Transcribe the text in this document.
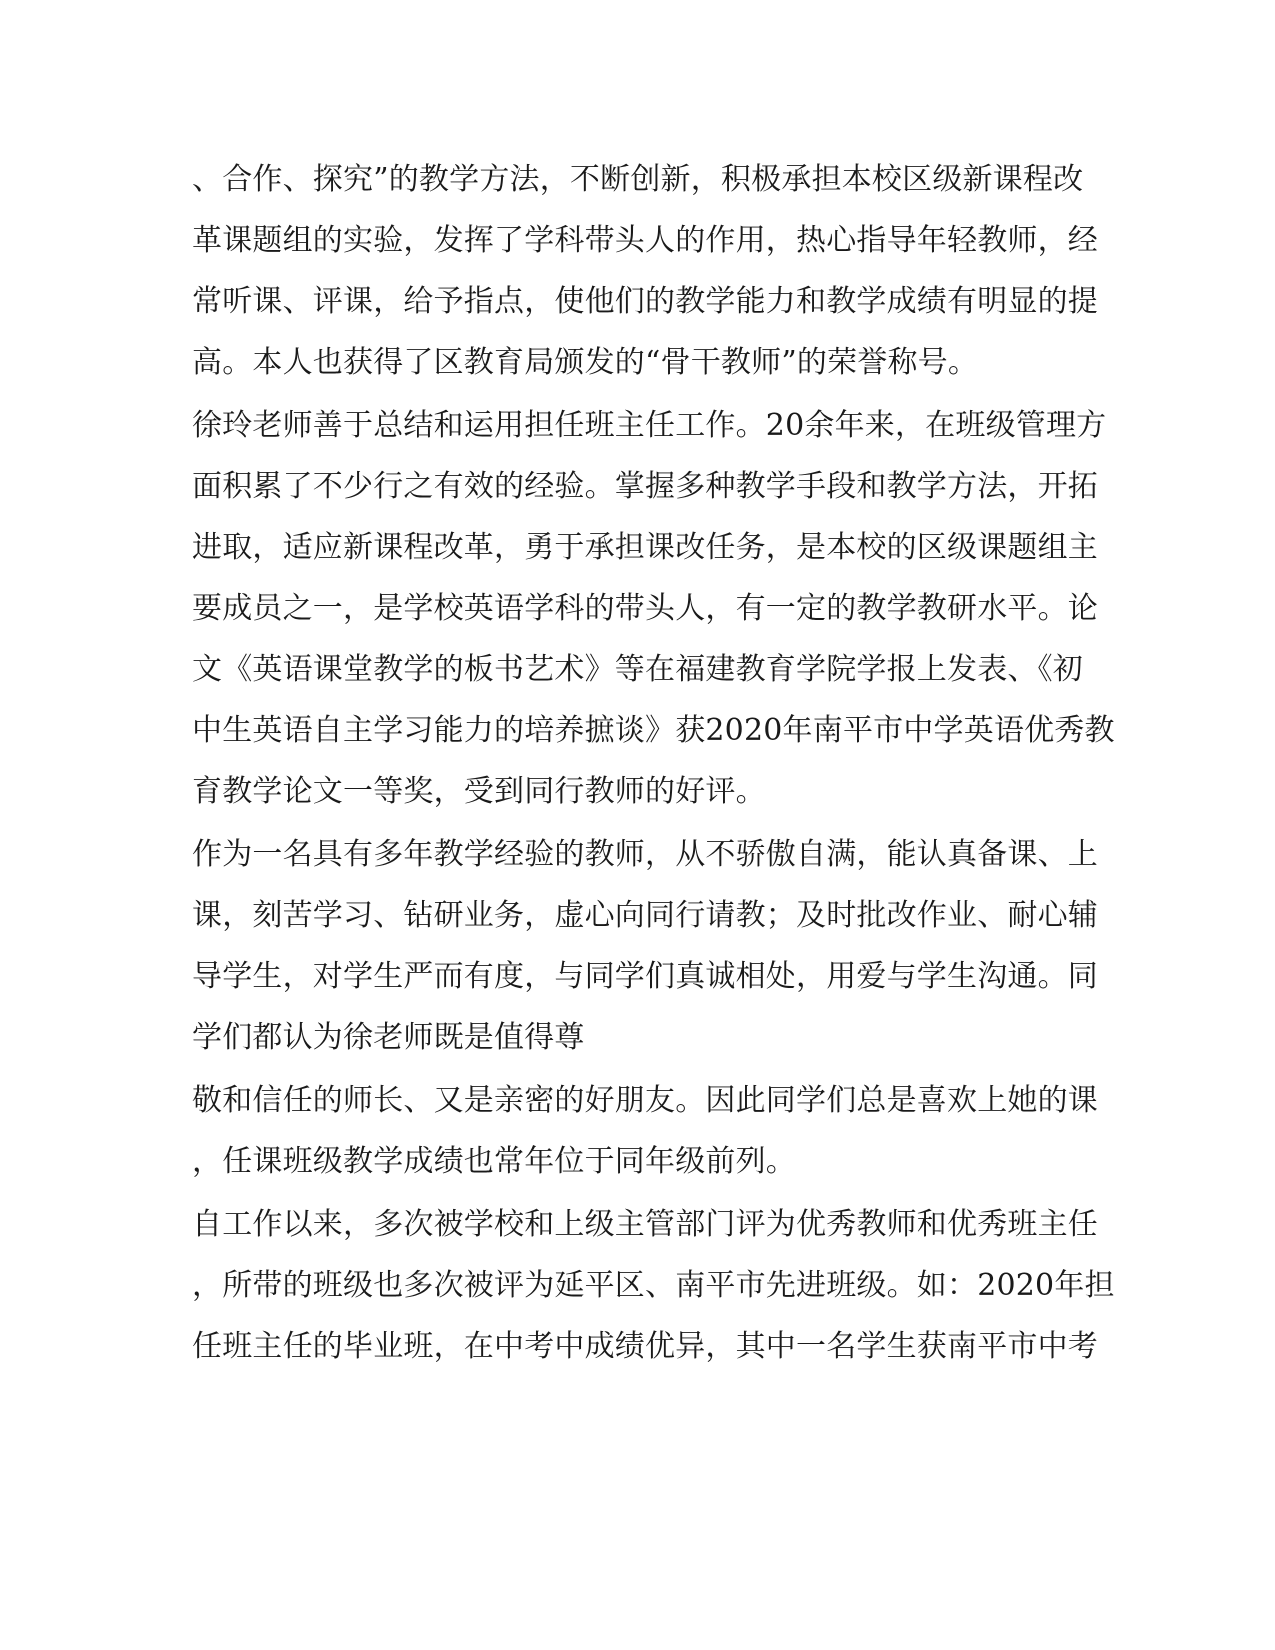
、合作、探究”的教学方法，不断创新，积极承担本校区级新课程改
革课题组的实验，发挥了学科带头人的作用，热心指导年轻教师，经
常听课、评课，给予指点，使他们的教学能力和教学成绩有明显的提
高。本人也获得了区教育局颁发的“骨干教师”的荣誉称号。
徐玲老师善于总结和运用担任班主任工作。20余年来，在班级管理方
面积累了不少行之有效的经验。掌握多种教学手段和教学方法，开拓
进取，适应新课程改革，勇于承担课改任务，是本校的区级课题组主
要成员之一，是学校英语学科的带头人，有一定的教学教研水平。论
文《英语课堂教学的板书艺术》等在福建教育学院学报上发表、《初
中生英语自主学习能力的培养摭谈》获2020年南平市中学英语优秀教
育教学论文一等奖，受到同行教师的好评。
作为一名具有多年教学经验的教师，从不骄傲自满，能认真备课、上
课，刻苦学习、钻研业务，虚心向同行请教；及时批改作业、耐心辅
导学生，对学生严而有度，与同学们真诚相处，用爱与学生沟通。同
学们都认为徐老师既是值得尊
敬和信任的师长、又是亲密的好朋友。因此同学们总是喜欢上她的课
，任课班级教学成绩也常年位于同年级前列。
自工作以来，多次被学校和上级主管部门评为优秀教师和优秀班主任
，所带的班级也多次被评为延平区、南平市先进班级。如：2020年担
任班主任的毕业班，在中考中成绩优异，其中一名学生获南平市中考
